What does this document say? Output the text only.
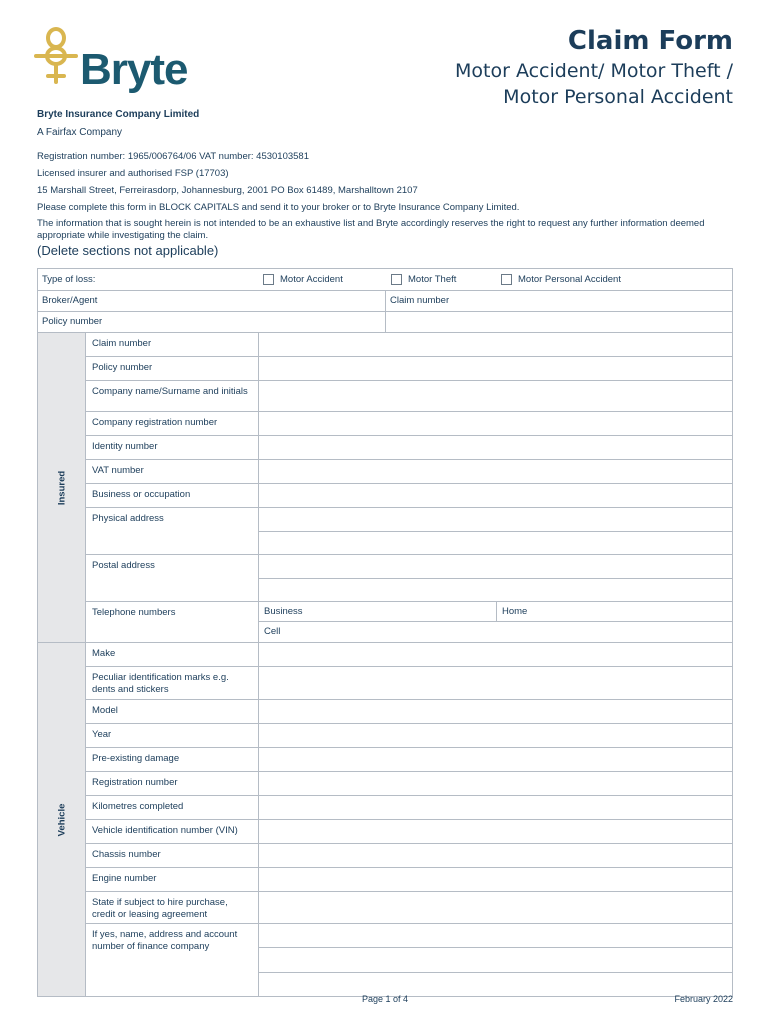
Bryte
Claim Form
Motor Accident/ Motor Theft /
Motor Personal Accident
Bryte Insurance Company Limited
A Fairfax Company
Registration number: 1965/006764/06 VAT number: 4530103581
Licensed insurer and authorised FSP (17703)
15 Marshall Street, Ferreirasdorp, Johannesburg, 2001 PO Box 61489, Marshalltown 2107
Please complete this form in BLOCK CAPITALS and send it to your broker or to Bryte Insurance Company Limited.
The information that is sought herein is not intended to be an exhaustive list and Bryte accordingly reserves the right to request any further information deemed appropriate while investigating the claim.
(Delete sections not applicable)
Type of loss:	Motor Accident	Motor Theft	Motor Personal Accident
Broker/Agent	Claim number
Policy number
Insured
Claim number
Policy number
Company name/Surname and initials
Company registration number
Identity number
VAT number
Business or occupation
Physical address
Postal address
Telephone numbers	Business	Home
Cell
Vehicle
Make
Peculiar identification marks e.g. dents and stickers
Model
Year
Pre-existing damage
Registration number
Kilometres completed
Vehicle identification number (VIN)
Chassis number
Engine number
State if subject to hire purchase, credit or leasing agreement
If yes, name, address and account number of finance company
Page 1 of 4	February 2022
